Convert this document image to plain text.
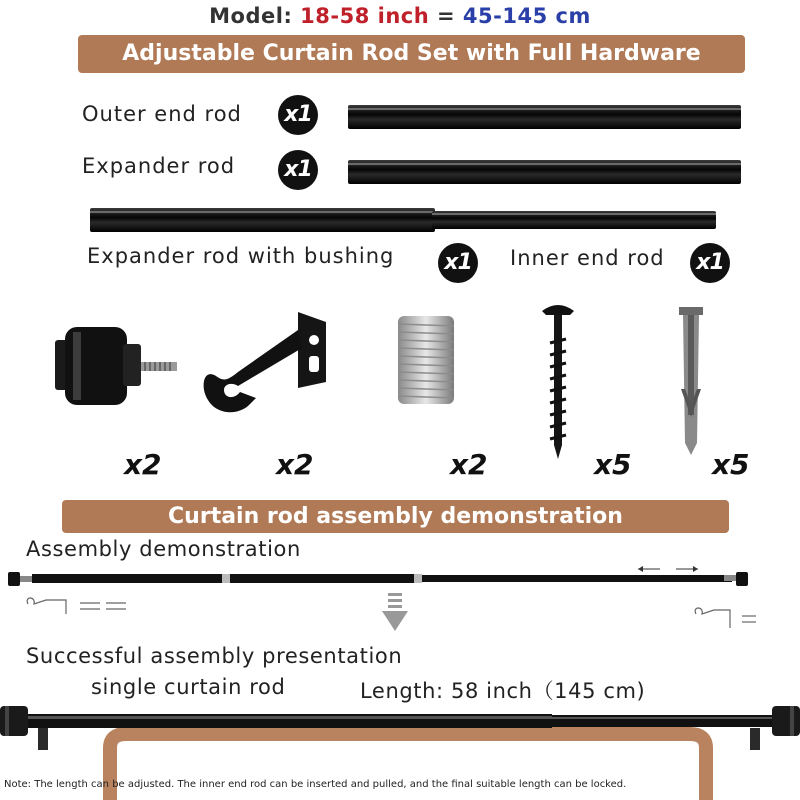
Model: 18-58 inch = 45-145 cm
Adjustable Curtain Rod Set with Full Hardware
Outer end rod x1
Expander rod x1
Expander rod with bushing x1 Inner end rod x1
x2	x2	x2	x5	x5
Curtain rod assembly demonstration
Assembly demonstration
Successful assembly presentation
single curtain rod	Length: 58 inch（145 cm)
Note: The length can be adjusted. The inner end rod can be inserted and pulled, and the final suitable length can be locked.
